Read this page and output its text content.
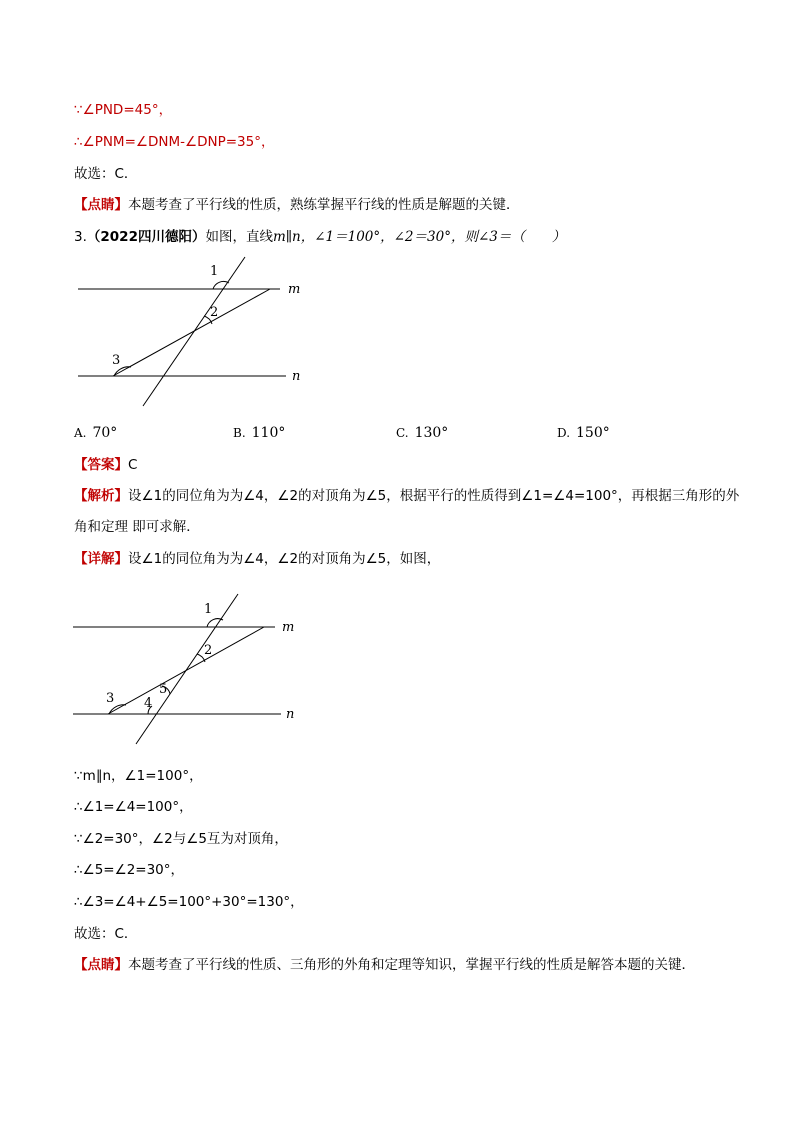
∵∠PND=45°，
∴∠PNM=∠DNM-∠DNP=35°，
故选：C．
【点睛】本题考查了平行线的性质，熟练掌握平行线的性质是解题的关键．
3.（2022四川德阳）如图，直线m∥n，∠1＝100°，∠2＝30°，则∠3＝（　　）
1
2
3
m
n
A. 70°	B. 110°	C. 130°	D. 150°
【答案】C
【解析】设∠1的同位角为为∠4，∠2的对顶角为∠5，根据平行的性质得到∠1=∠4=100°，再根据三角形的外
角和定理 即可求解．
【详解】设∠1的同位角为为∠4，∠2的对顶角为∠5，如图，
1
2
3 4
5
m
n
∵m∥n，∠1=100°，
∴∠1=∠4=100°，
∵∠2=30°，∠2与∠5互为对顶角，
∴∠5=∠2=30°，
∴∠3=∠4+∠5=100°+30°=130°，
故选：C．
【点睛】本题考查了平行线的性质、三角形的外角和定理等知识，掌握平行线的性质是解答本题的关键．
